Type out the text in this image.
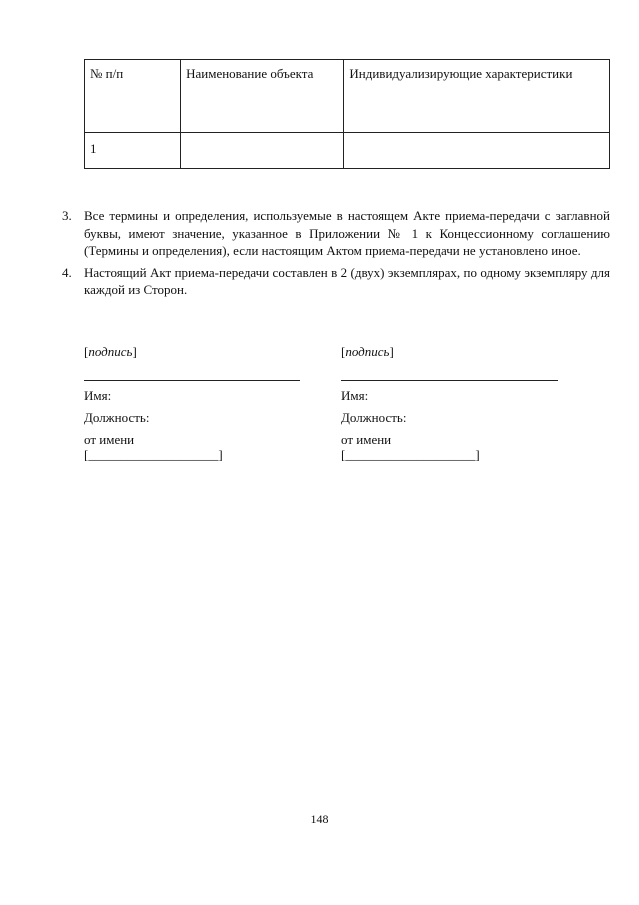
№ п/п	Наименование объекта	Индивидуализирующие характеристики
1		
3. Все термины и определения, используемые в настоящем Акте приема-передачи с заглавной буквы, имеют значение, указанное в Приложении № 1 к Концессионному соглашению (Термины и определения), если настоящим Актом приема-передачи не установлено иное.
4. Настоящий Акт приема-передачи составлен в 2 (двух) экземплярах, по одному экземпляру для каждой из Сторон.
[подпись]
Имя:
Должность:
от имени
[____________________]
[подпись]
Имя:
Должность:
от имени
[____________________]
148
